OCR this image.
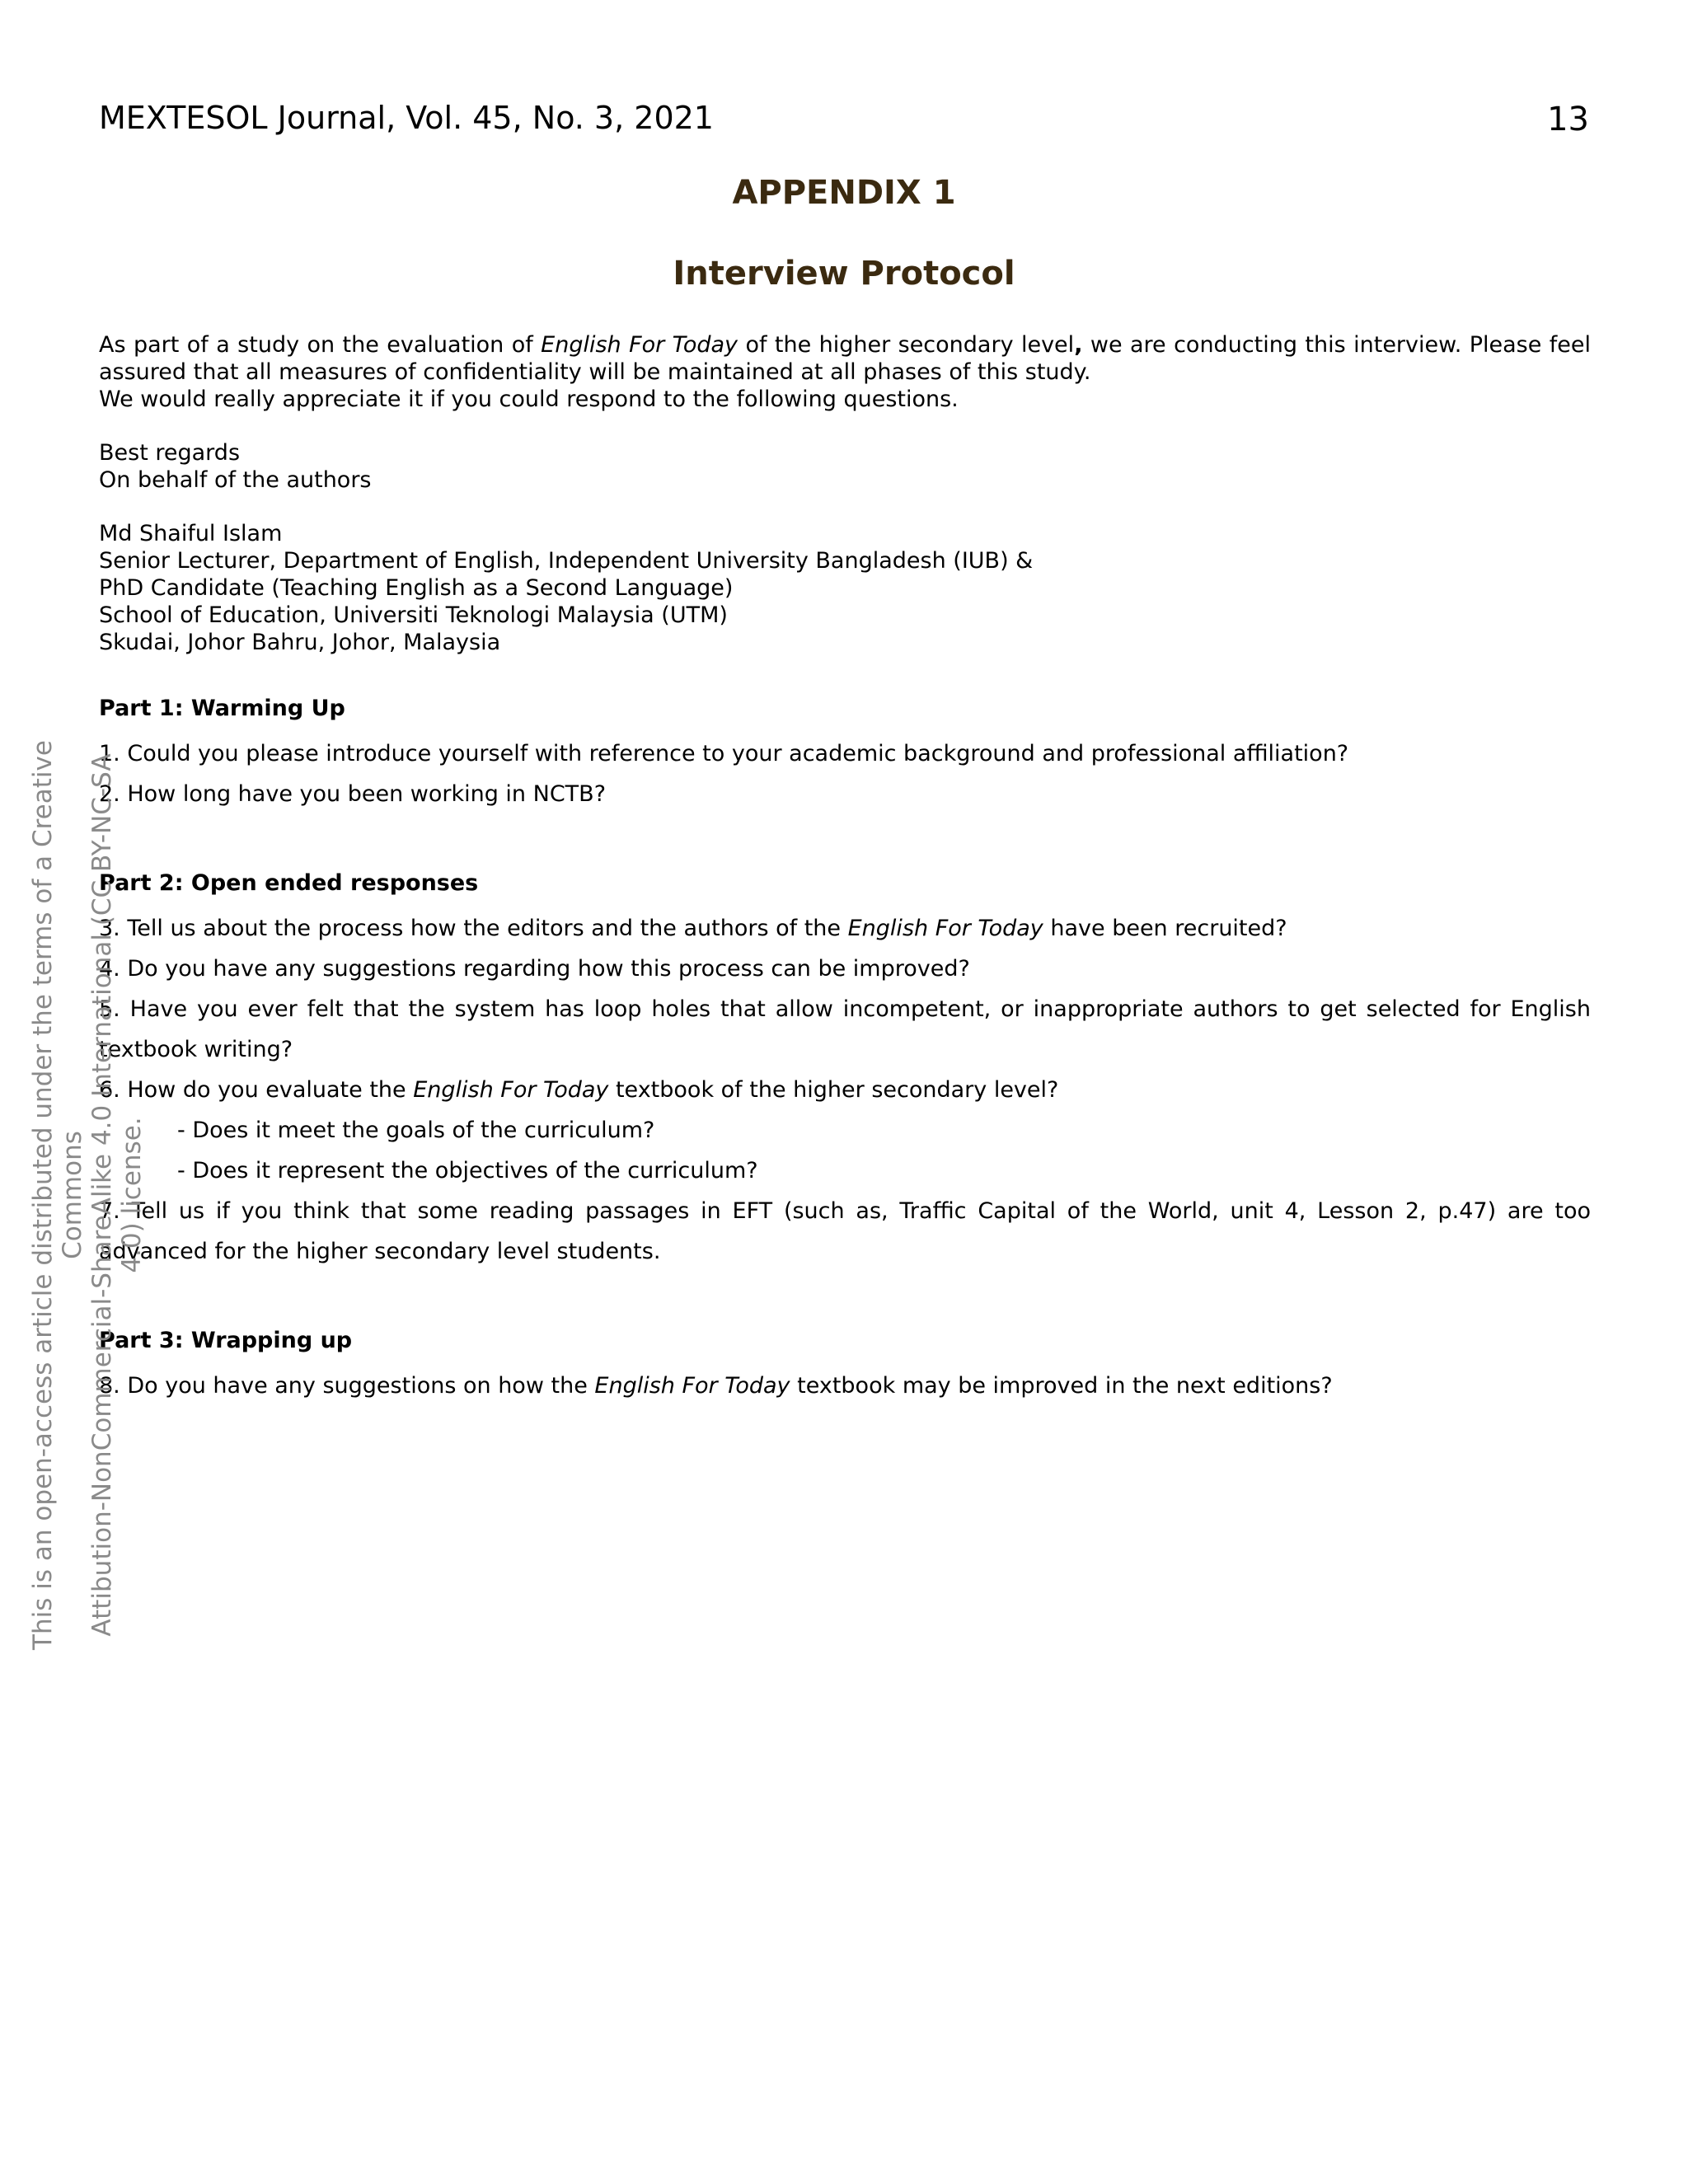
MEXTESOL Journal, Vol. 45, No. 3, 2021	13
APPENDIX 1
Interview Protocol

As part of a study on the evaluation of English For Today of the higher secondary level, we are conducting this interview. Please feel assured that all measures of confidentiality will be maintained at all phases of this study.

We would really appreciate it if you could respond to the following questions.

Best regards

On behalf of the authors

Md Shaiful Islam

Senior Lecturer, Department of English, Independent University Bangladesh (IUB) &

PhD Candidate (Teaching English as a Second Language)

School of Education, Universiti Teknologi Malaysia (UTM)

Skudai, Johor Bahru, Johor, Malaysia

Part 1: Warming Up

1. Could you please introduce yourself with reference to your academic background and professional affiliation?

2. How long have you been working in NCTB?

Part 2: Open ended responses

3. Tell us about the process how the editors and the authors of the English For Today have been recruited?

4. Do you have any suggestions regarding how this process can be improved?

5. Have you ever felt that the system has loop holes that allow incompetent, or inappropriate authors to get selected for English textbook writing?

6. How do you evaluate the English For Today textbook of the higher secondary level?

- Does it meet the goals of the curriculum?

- Does it represent the objectives of the curriculum?

7. Tell us if you think that some reading passages in EFT (such as, Traffic Capital of the World, unit 4, Lesson 2, p.47) are too advanced for the higher secondary level students.

Part 3: Wrapping up

8. Do you have any suggestions on how the English For Today textbook may be improved in the next editions?

This is an open-access article distributed under the terms of a Creative Commons Attibution-NonCommercial-ShareAlike 4.0 International (CC BY-NC-SA 4.0) license.
